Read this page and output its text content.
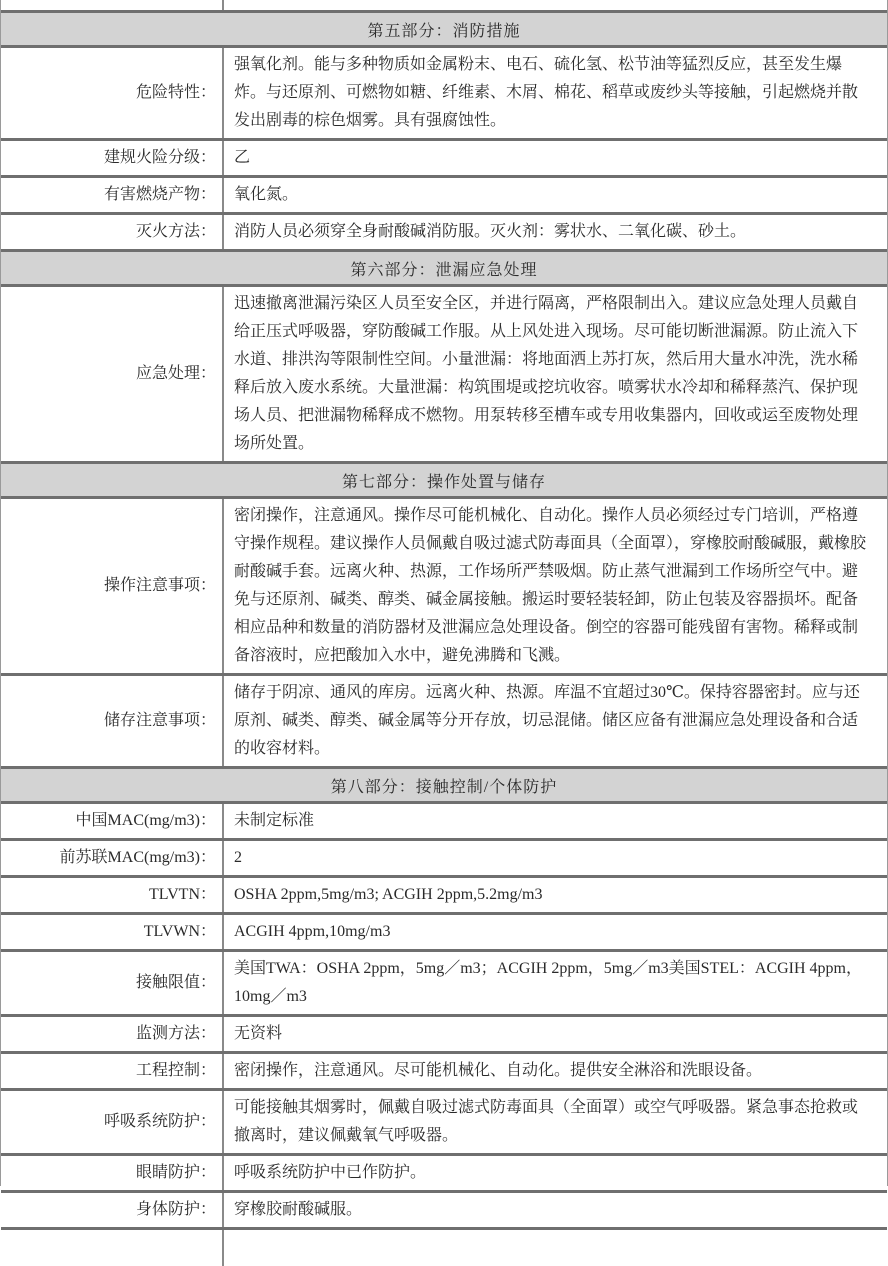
第五部分：消防措施
危险特性：
强氧化剂。能与多种物质如金属粉末、电石、硫化氢、松节油等猛烈反应，甚至发生爆炸。与还原剂、可燃物如糖、纤维素、木屑、棉花、稻草或废纱头等接触，引起燃烧并散发出剧毒的棕色烟雾。具有强腐蚀性。
建规火险分级：	乙
有害燃烧产物：	氧化氮。
灭火方法：	消防人员必须穿全身耐酸碱消防服。灭火剂：雾状水、二氧化碳、砂土。
第六部分：泄漏应急处理
应急处理：
迅速撤离泄漏污染区人员至安全区，并进行隔离，严格限制出入。建议应急处理人员戴自给正压式呼吸器，穿防酸碱工作服。从上风处进入现场。尽可能切断泄漏源。防止流入下水道、排洪沟等限制性空间。小量泄漏：将地面洒上苏打灰，然后用大量水冲洗，洗水稀释后放入废水系统。大量泄漏：构筑围堤或挖坑收容。喷雾状水冷却和稀释蒸汽、保护现场人员、把泄漏物稀释成不燃物。用泵转移至槽车或专用收集器内，回收或运至废物处理场所处置。
第七部分：操作处置与储存
操作注意事项：
密闭操作，注意通风。操作尽可能机械化、自动化。操作人员必须经过专门培训，严格遵守操作规程。建议操作人员佩戴自吸过滤式防毒面具（全面罩），穿橡胶耐酸碱服，戴橡胶耐酸碱手套。远离火种、热源，工作场所严禁吸烟。防止蒸气泄漏到工作场所空气中。避免与还原剂、碱类、醇类、碱金属接触。搬运时要轻装轻卸，防止包装及容器损坏。配备相应品种和数量的消防器材及泄漏应急处理设备。倒空的容器可能残留有害物。稀释或制备溶液时，应把酸加入水中，避免沸腾和飞溅。
储存注意事项：
储存于阴凉、通风的库房。远离火种、热源。库温不宜超过30℃。保持容器密封。应与还原剂、碱类、醇类、碱金属等分开存放，切忌混储。储区应备有泄漏应急处理设备和合适的收容材料。
第八部分：接触控制/个体防护
中国MAC(mg/m3)：	未制定标准
前苏联MAC(mg/m3)：	2
TLVTN：	OSHA 2ppm,5mg/m3; ACGIH 2ppm,5.2mg/m3
TLVWN：	ACGIH 4ppm,10mg/m3
接触限值：
美国TWA：OSHA 2ppm，5mg／m3；ACGIH 2ppm，5mg／m3美国STEL：ACGIH 4ppm，10mg／m3
监测方法：	无资料
工程控制：	密闭操作，注意通风。尽可能机械化、自动化。提供安全淋浴和洗眼设备。
呼吸系统防护：
可能接触其烟雾时，佩戴自吸过滤式防毒面具（全面罩）或空气呼吸器。紧急事态抢救或撤离时，建议佩戴氧气呼吸器。
眼睛防护：	呼吸系统防护中已作防护。
身体防护：	穿橡胶耐酸碱服。
